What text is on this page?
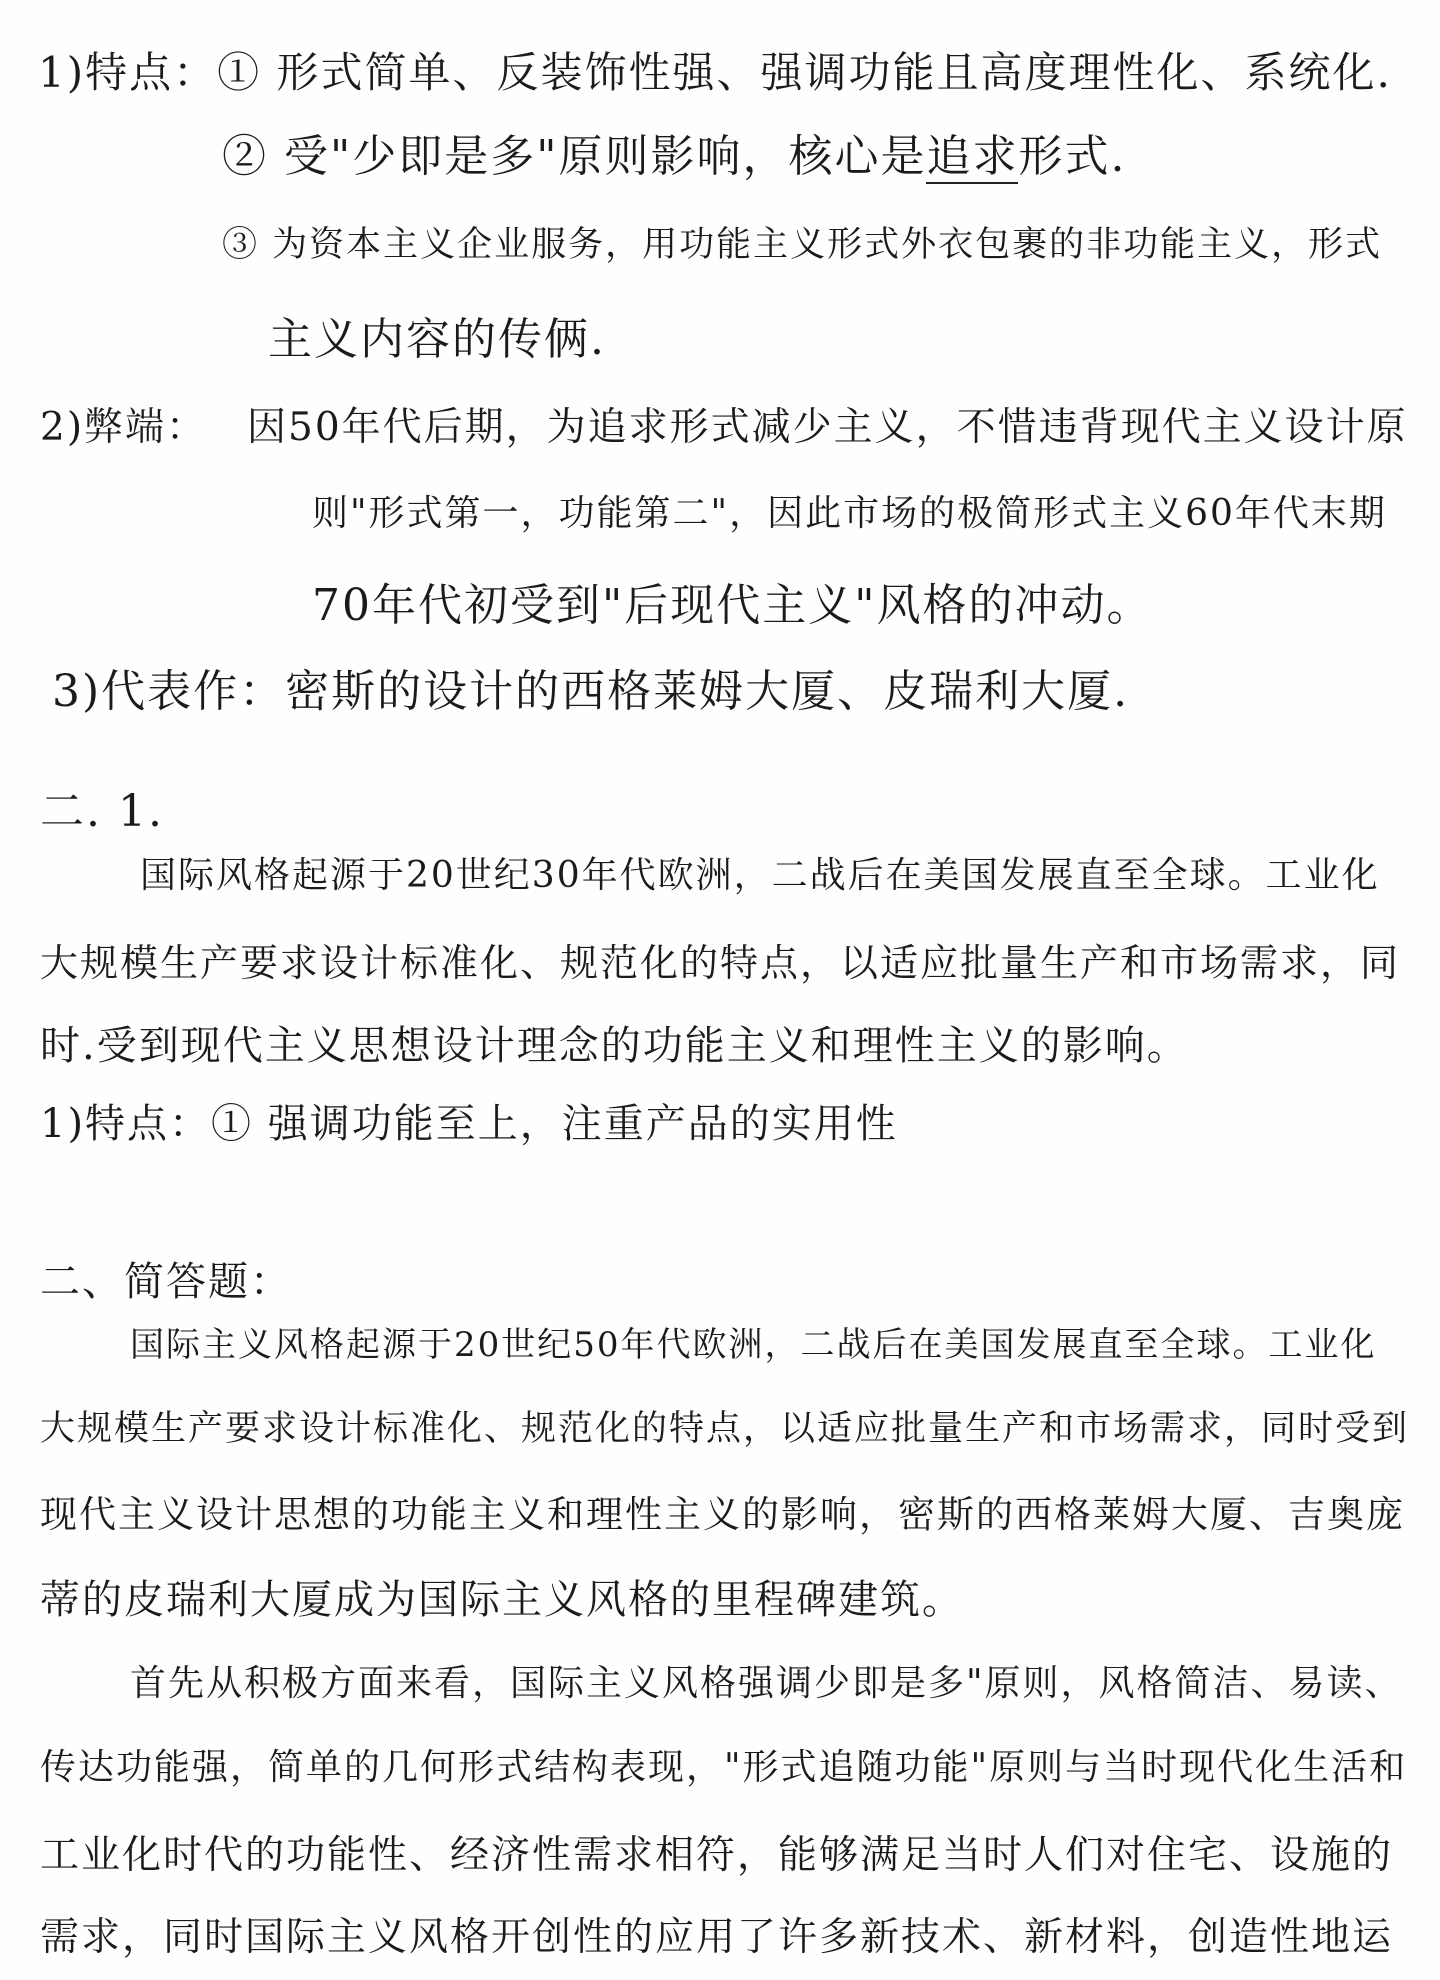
1)特点：① 形式简单、反装饰性强、强调功能且高度理性化、系统化.
② 受"少即是多"原则影响，核心是追求形式.
③ 为资本主义企业服务，用功能主义形式外衣包裹的非功能主义，形式
主义内容的传俩.
2)弊端： 因50年代后期，为追求形式减少主义，不惜违背现代主义设计原
则"形式第一，功能第二"，因此市场的极简形式主义60年代末期
70年代初受到"后现代主义"风格的冲动。
3)代表作：密斯的设计的西格莱姆大厦、皮瑞利大厦.
二. 1.
国际风格起源于20世纪30年代欧洲，二战后在美国发展直至全球。工业化
大规模生产要求设计标准化、规范化的特点，以适应批量生产和市场需求，同
时.受到现代主义思想设计理念的功能主义和理性主义的影响。
1)特点：① 强调功能至上，注重产品的实用性
二、简答题：
国际主义风格起源于20世纪50年代欧洲，二战后在美国发展直至全球。工业化
大规模生产要求设计标准化、规范化的特点，以适应批量生产和市场需求，同时受到
现代主义设计思想的功能主义和理性主义的影响，密斯的西格莱姆大厦、吉奥庞
蒂的皮瑞利大厦成为国际主义风格的里程碑建筑。
首先从积极方面来看，国际主义风格强调少即是多"原则，风格简洁、易读、
传达功能强，简单的几何形式结构表现，"形式追随功能"原则与当时现代化生活和
工业化时代的功能性、经济性需求相符，能够满足当时人们对住宅、设施的
需求，同时国际主义风格开创性的应用了许多新技术、新材料，创造性地运
